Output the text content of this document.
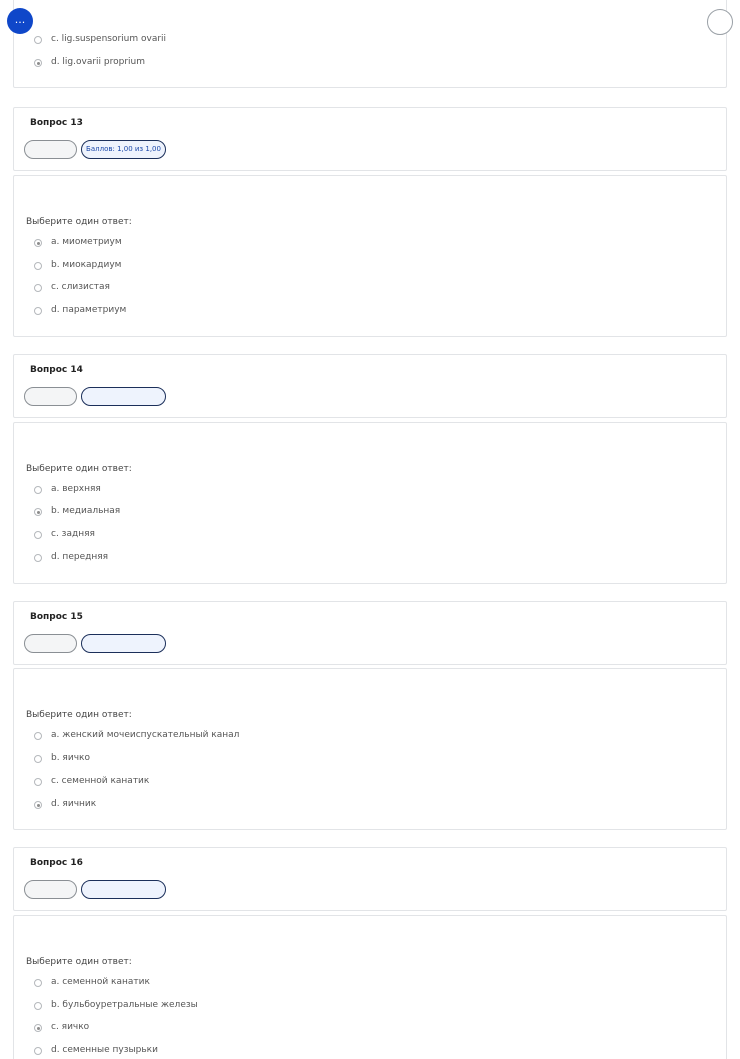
...
c. lig.suspensorium ovarii
d. lig.ovarii proprium
Вопрос 13
Баллов: 1,00 из 1,00
Выберите один ответ:
a. миометриум
b. миокардиум
c. слизистая
d. параметриум
Вопрос 14
Выберите один ответ:
a. верхняя
b. медиальная
c. задняя
d. передняя
Вопрос 15
Выберите один ответ:
a. женский мочеиспускательный канал
b. яичко
c. семенной канатик
d. яичник
Вопрос 16
Выберите один ответ:
a. семенной канатик
b. бульбоуретральные железы
c. яичко
d. семенные пузырьки
